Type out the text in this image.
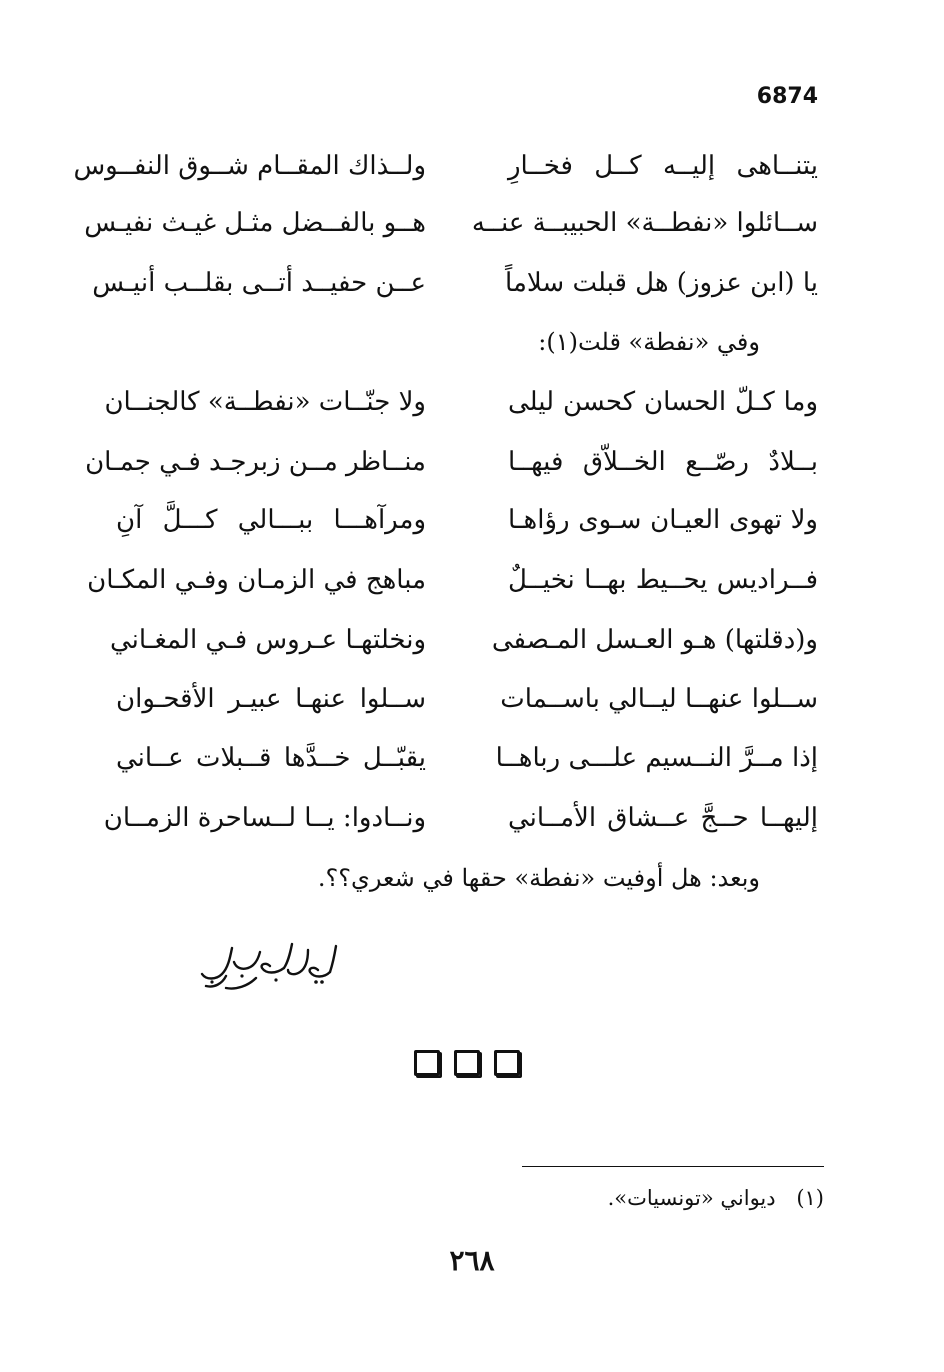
6874
يتنــاهى إليــه كــل فخــارِ
ولــذاك المقــام شــوق النفــوس
ســائلوا «نفطــة» الحبيبــة عنــه
هــو بالفــضل مثـل غيـث نفيـس
يا (ابن عزوز) هل قبلت سلاماً
عــن حفيــد أتــى بقلــب أنيـس
وفي «نفطة» قلت(١):
وما كـلّ الحسان كحسن ليلى
ولا جنّــات «نفطــة» كالجنــان
بــلادٌ رصّــع الخــلاّق فيهــا
منــاظر مــن زبرجـد فـي جمـان
ولا تهوى العيـان سـوى رؤاهـا
ومرآهـــا ببـــالي كـــلَّ آنِ
فــراديس يحــيط بهــا نخيــلٌ
مباهج في الزمـان وفـي المكـان
و(دقلتها) هـو العـسل المـصفى
ونخلتهـا عـروس فـي المغـاني
ســلوا عنهــا ليــالي باســمات
ســلوا عنهـا عبيـر الأقحـوان
إذا مــرَّ النــسيم علـــى رباهــا
يقبّــل خــدَّها قــبلات عــاني
إليهــا حــجَّ عــشاق الأمــاني
ونــادوا: يــا لــساحرة الزمــان
وبعد: هل أوفيت «نفطة» حقها في شعري؟؟.
(١) ديواني «تونسيات».
٢٦٨
